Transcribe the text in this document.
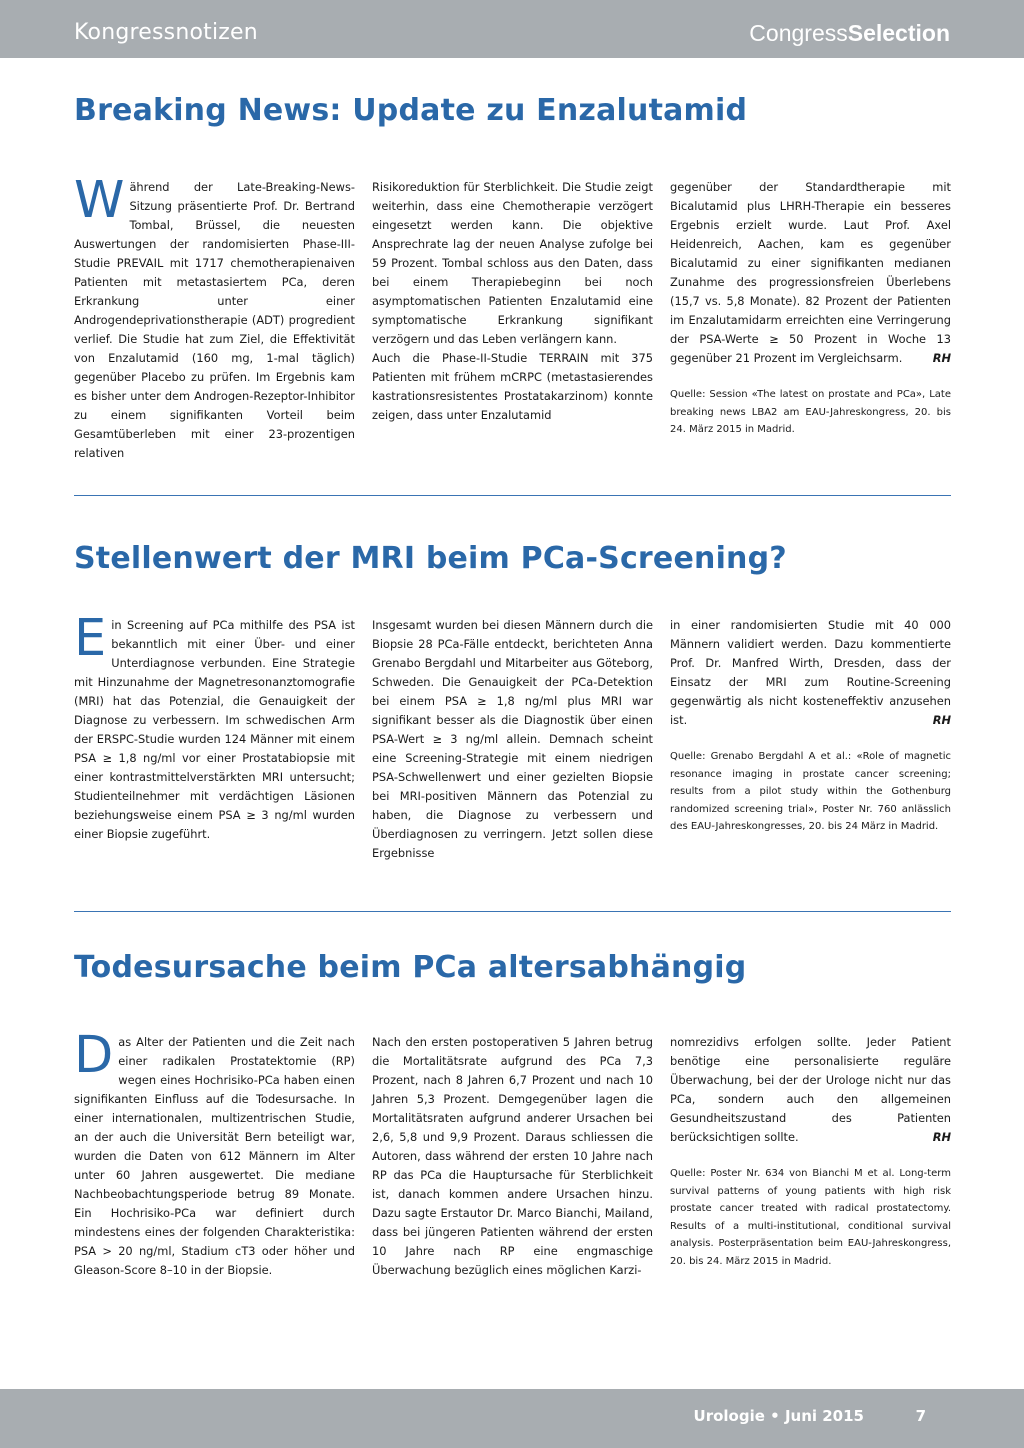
Kongressnotizen	CongressSelection
Breaking News: Update zu Enzalutamid

Während der Late-Breaking-News-Sitzung präsentierte Prof. Dr. Bertrand Tombal, Brüssel, die neuesten Auswertungen der randomisierten Phase-III-Studie PREVAIL mit 1717 chemotherapienaiven Patienten mit metastasiertem PCa, deren Erkrankung unter einer Androgendeprivationstherapie (ADT) progredient verlief. Die Studie hat zum Ziel, die Effektivität von Enzalutamid (160 mg, 1-mal täglich) gegenüber Placebo zu prüfen. Im Ergebnis kam es bisher unter dem Androgen-Rezeptor-Inhibitor zu einem signifikanten Vorteil beim Gesamtüberleben mit einer 23-prozentigen relativen

Risikoreduktion für Sterblichkeit. Die Studie zeigt weiterhin, dass eine Chemotherapie verzögert eingesetzt werden kann. Die objektive Ansprechrate lag der neuen Analyse zufolge bei 59 Prozent. Tombal schloss aus den Daten, dass bei einem Therapiebeginn bei noch asymptomatischen Patienten Enzalutamid eine symptomatische Erkrankung signifikant verzögern und das Leben verlängern kann.

Auch die Phase-II-Studie TERRAIN mit 375 Patienten mit frühem mCRPC (metastasierendes kastrationsresistentes Prostatakarzinom) konnte zeigen, dass unter Enzalutamid

gegenüber der Standardtherapie mit Bicalutamid plus LHRH-Therapie ein besseres Ergebnis erzielt wurde. Laut Prof. Axel Heidenreich, Aachen, kam es gegenüber Bicalutamid zu einer signifikanten medianen Zunahme des progressionsfreien Überlebens (15,7 vs. 5,8 Monate). 82 Prozent der Patienten im Enzalutamidarm erreichten eine Verringerung der PSA-Werte ≥ 50 Prozent in Woche 13 gegenüber 21 Prozent im Vergleichsarm.	RH

Quelle: Session «The latest on prostate and PCa», Late breaking news LBA2 am EAU-Jahreskongress, 20. bis 24. März 2015 in Madrid.

Stellenwert der MRI beim PCa-Screening?

Ein Screening auf PCa mithilfe des PSA ist bekanntlich mit einer Über- und einer Unterdiagnose verbunden. Eine Strategie mit Hinzunahme der Magnetresonanztomografie (MRI) hat das Potenzial, die Genauigkeit der Diagnose zu verbessern. Im schwedischen Arm der ERSPC-Studie wurden 124 Männer mit einem PSA ≥ 1,8 ng/ml vor einer Prostatabiopsie mit einer kontrastmittelverstärkten MRI untersucht; Studienteilnehmer mit verdächtigen Läsionen beziehungsweise einem PSA ≥ 3 ng/ml wurden einer Biopsie zugeführt.

Insgesamt wurden bei diesen Männern durch die Biopsie 28 PCa-Fälle entdeckt, berichteten Anna Grenabo Bergdahl und Mitarbeiter aus Göteborg, Schweden. Die Genauigkeit der PCa-Detektion bei einem PSA ≥ 1,8 ng/ml plus MRI war signifikant besser als die Diagnostik über einen PSA-Wert ≥ 3 ng/ml allein. Demnach scheint eine Screening-Strategie mit einem niedrigen PSA-Schwellenwert und einer gezielten Biopsie bei MRI-positiven Männern das Potenzial zu haben, die Diagnose zu verbessern und Überdiagnosen zu verringern. Jetzt sollen diese Ergebnisse

in einer randomisierten Studie mit 40 000 Männern validiert werden. Dazu kommentierte Prof. Dr. Manfred Wirth, Dresden, dass der Einsatz der MRI zum Routine-Screening gegenwärtig als nicht kosteneffektiv anzusehen ist.	RH

Quelle: Grenabo Bergdahl A et al.: «Role of magnetic resonance imaging in prostate cancer screening; results from a pilot study within the Gothenburg randomized screening trial», Poster Nr. 760 anlässlich des EAU-Jahreskongresses, 20. bis 24 März in Madrid.

Todesursache beim PCa altersabhängig

Das Alter der Patienten und die Zeit nach einer radikalen Prostatektomie (RP) wegen eines Hochrisiko-PCa haben einen signifikanten Einfluss auf die Todesursache. In einer internationalen, multizentrischen Studie, an der auch die Universität Bern beteiligt war, wurden die Daten von 612 Männern im Alter unter 60 Jahren ausgewertet. Die mediane Nachbeobachtungsperiode betrug 89 Monate. Ein Hochrisiko-PCa war definiert durch mindestens eines der folgenden Charakteristika: PSA > 20 ng/ml, Stadium cT3 oder höher und Gleason-Score 8–10 in der Biopsie.

Nach den ersten postoperativen 5 Jahren betrug die Mortalitätsrate aufgrund des PCa 7,3 Prozent, nach 8 Jahren 6,7 Prozent und nach 10 Jahren 5,3 Prozent. Demgegenüber lagen die Mortalitätsraten aufgrund anderer Ursachen bei 2,6, 5,8 und 9,9 Prozent. Daraus schliessen die Autoren, dass während der ersten 10 Jahre nach RP das PCa die Hauptursache für Sterblichkeit ist, danach kommen andere Ursachen hinzu. Dazu sagte Erstautor Dr. Marco Bianchi, Mailand, dass bei jüngeren Patienten während der ersten 10 Jahre nach RP eine engmaschige Überwachung bezüglich eines möglichen Karzi-

nomrezidivs erfolgen sollte. Jeder Patient benötige eine personalisierte reguläre Überwachung, bei der der Urologe nicht nur das PCa, sondern auch den allgemeinen Gesundheitszustand des Patienten berücksichtigen sollte.	RH

Quelle: Poster Nr. 634 von Bianchi M et al. Long-term survival patterns of young patients with high risk prostate cancer treated with radical prostatectomy. Results of a multi-institutional, conditional survival analysis. Posterpräsentation beim EAU-Jahreskongress, 20. bis 24. März 2015 in Madrid.

Urologie • Juni 2015	7
